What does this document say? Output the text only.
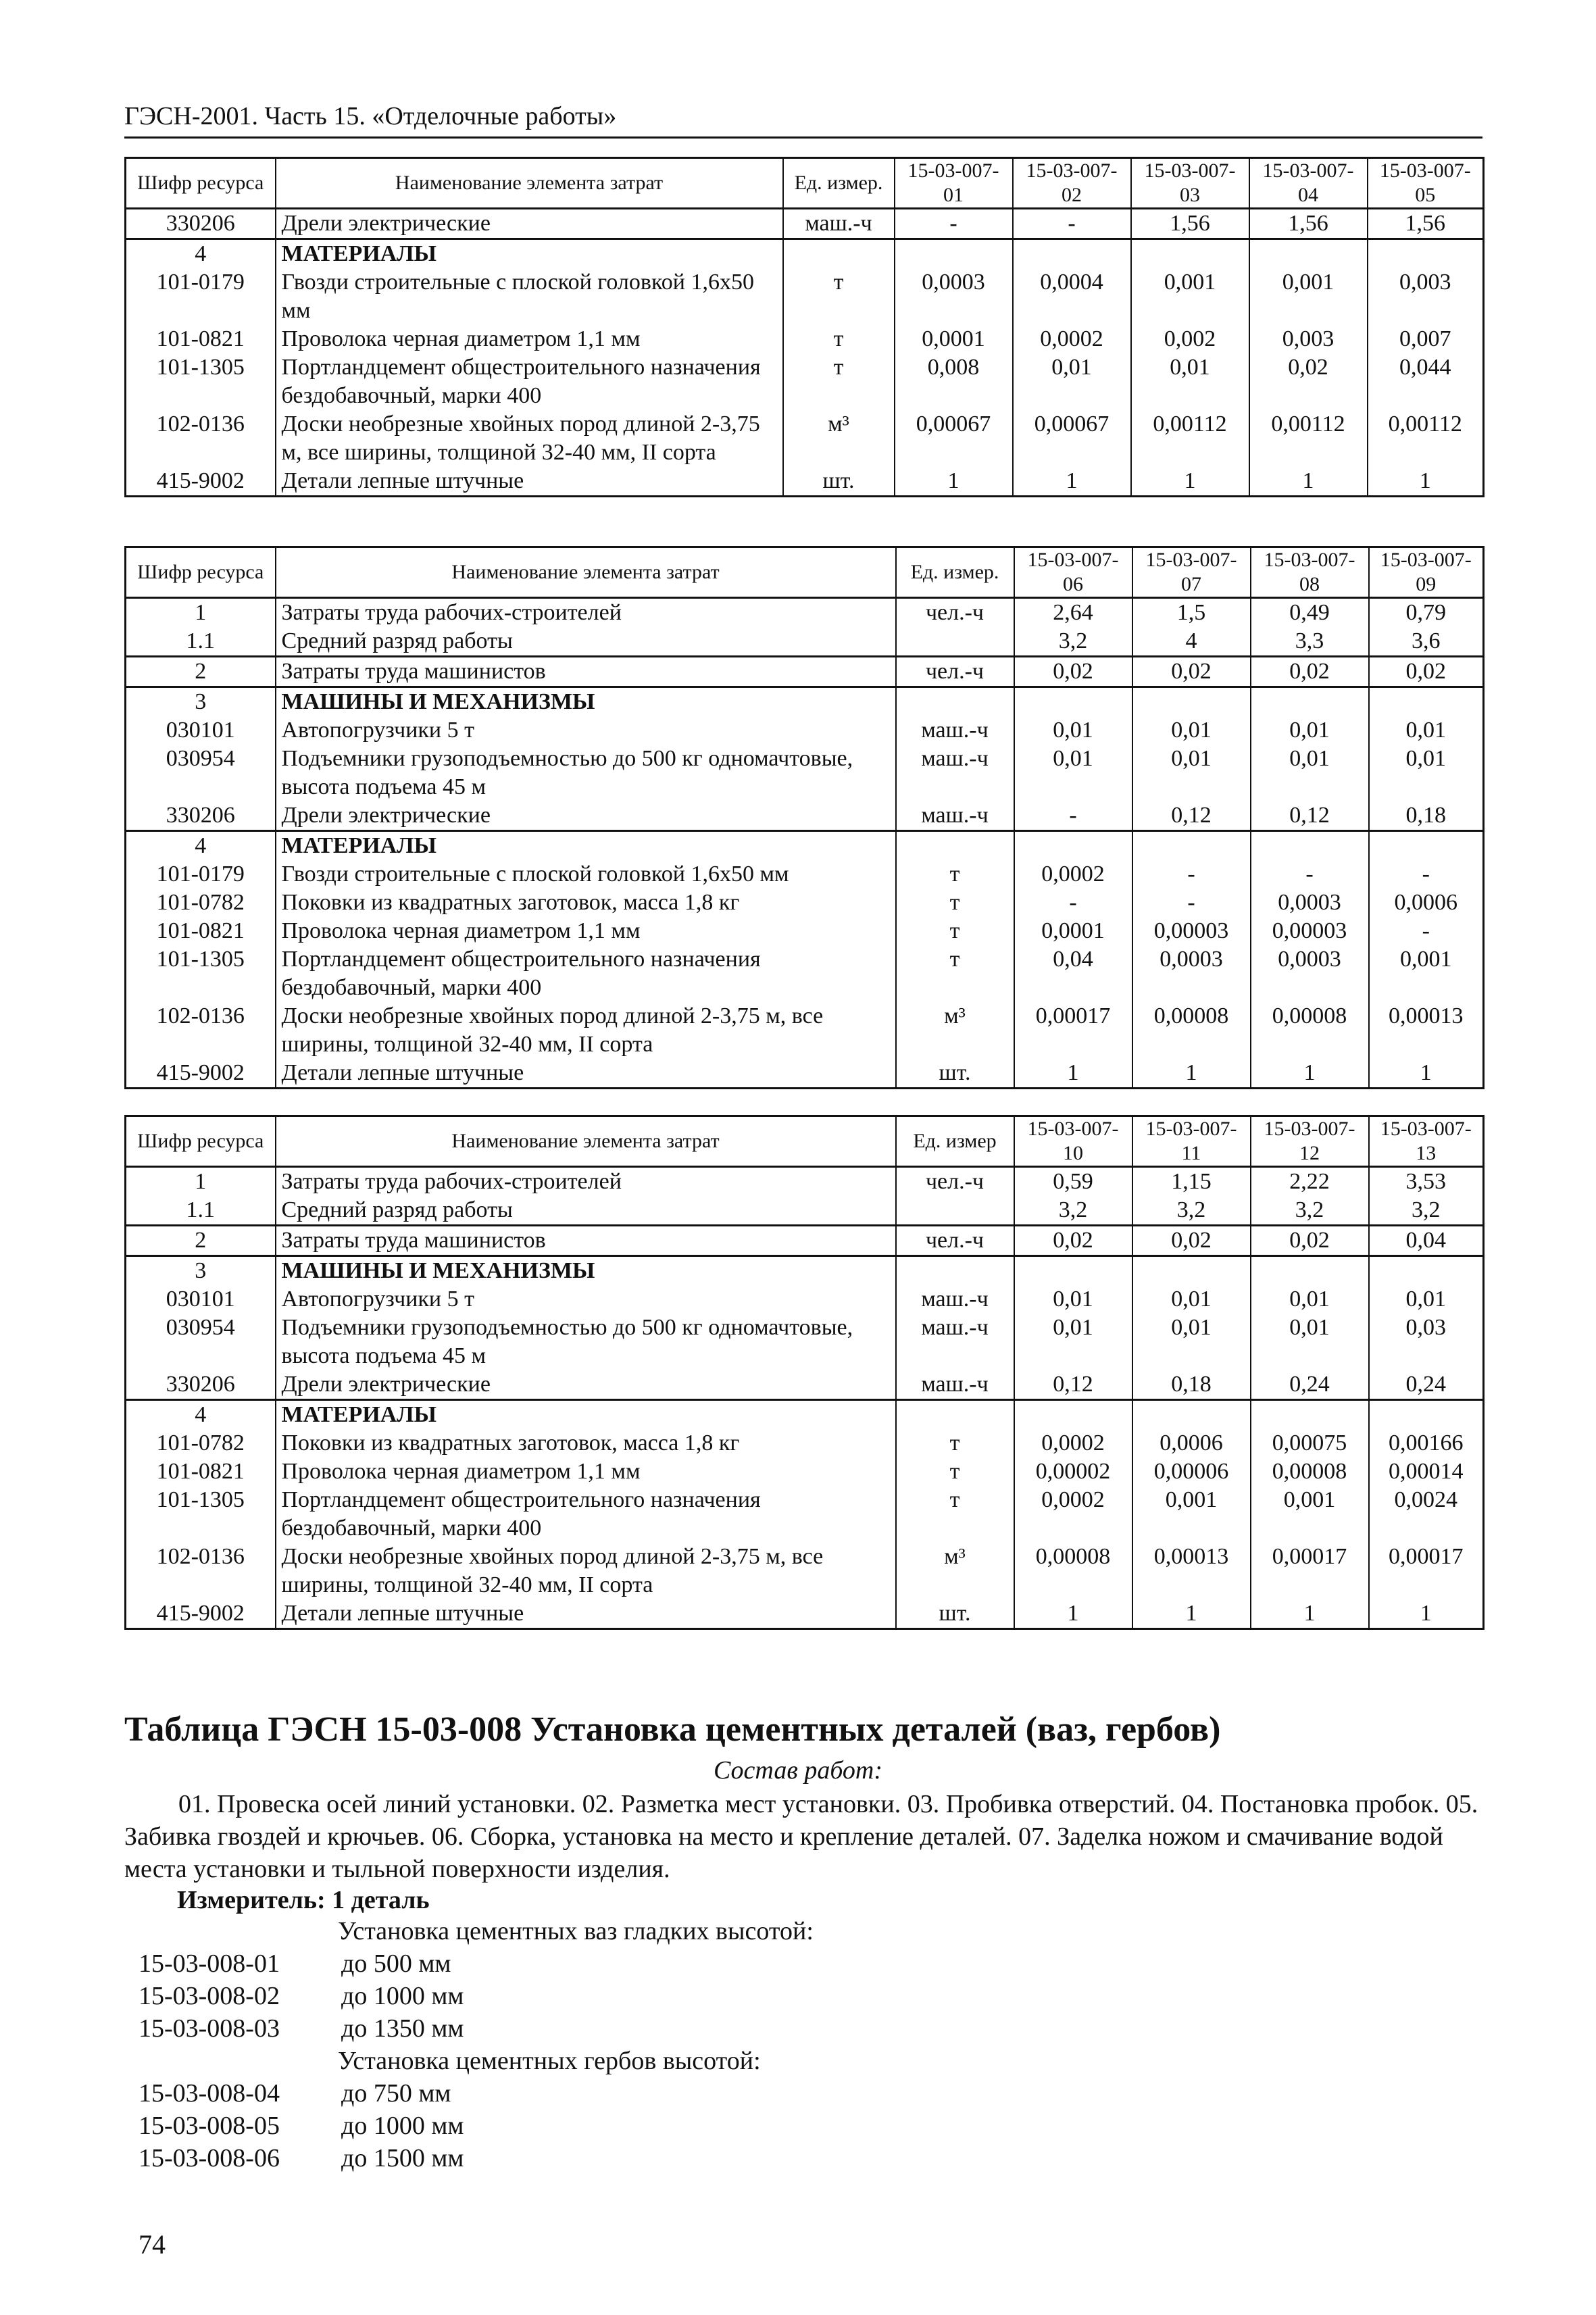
ГЭСН-2001. Часть 15. «Отделочные работы»
Шифр ресурса	Наименование элемента затрат	Ед. измер.	15-03-007-01	15-03-007-02	15-03-007-03	15-03-007-04	15-03-007-05
330206	Дрели электрические	маш.-ч	-	-	1,56	1,56	1,56
4	МАТЕРИАЛЫ						
101-0179	Гвозди строительные с плоской головкой 1,6х50 мм	т	0,0003	0,0004	0,001	0,001	0,003
101-0821	Проволока черная диаметром 1,1 мм	т	0,0001	0,0002	0,002	0,003	0,007
101-1305	Портландцемент общестроительного назначения бездобавочный, марки 400	т	0,008	0,01	0,01	0,02	0,044
102-0136	Доски необрезные хвойных пород длиной 2-3,75 м, все ширины, толщиной 32-40 мм, II сорта	м³	0,00067	0,00067	0,00112	0,00112	0,00112
415-9002	Детали лепные штучные	шт.	1	1	1	1	1
Шифр ресурса	Наименование элемента затрат	Ед. измер.	15-03-007-06	15-03-007-07	15-03-007-08	15-03-007-09
1	Затраты труда рабочих-строителей	чел.-ч	2,64	1,5	0,49	0,79
1.1	Средний разряд работы		3,2	4	3,3	3,6
2	Затраты труда машинистов	чел.-ч	0,02	0,02	0,02	0,02
3	МАШИНЫ И МЕХАНИЗМЫ					
030101	Автопогрузчики 5 т	маш.-ч	0,01	0,01	0,01	0,01
030954	Подъемники грузоподъемностью до 500 кг одномачтовые, высота подъема 45 м	маш.-ч	0,01	0,01	0,01	0,01
330206	Дрели электрические	маш.-ч	-	0,12	0,12	0,18
4	МАТЕРИАЛЫ					
101-0179	Гвозди строительные с плоской головкой 1,6х50 мм	т	0,0002	-	-	-
101-0782	Поковки из квадратных заготовок, масса 1,8 кг	т	-	-	0,0003	0,0006
101-0821	Проволока черная диаметром 1,1 мм	т	0,0001	0,00003	0,00003	-
101-1305	Портландцемент общестроительного назначения бездобавочный, марки 400	т	0,04	0,0003	0,0003	0,001
102-0136	Доски необрезные хвойных пород длиной 2-3,75 м, все ширины, толщиной 32-40 мм, II сорта	м³	0,00017	0,00008	0,00008	0,00013
415-9002	Детали лепные штучные	шт.	1	1	1	1
Шифр ресурса	Наименование элемента затрат	Ед. измер	15-03-007-10	15-03-007-11	15-03-007-12	15-03-007-13
1	Затраты труда рабочих-строителей	чел.-ч	0,59	1,15	2,22	3,53
1.1	Средний разряд работы		3,2	3,2	3,2	3,2
2	Затраты труда машинистов	чел.-ч	0,02	0,02	0,02	0,04
3	МАШИНЫ И МЕХАНИЗМЫ					
030101	Автопогрузчики 5 т	маш.-ч	0,01	0,01	0,01	0,01
030954	Подъемники грузоподъемностью до 500 кг одномачтовые, высота подъема 45 м	маш.-ч	0,01	0,01	0,01	0,03
330206	Дрели электрические	маш.-ч	0,12	0,18	0,24	0,24
4	МАТЕРИАЛЫ					
101-0782	Поковки из квадратных заготовок, масса 1,8 кг	т	0,0002	0,0006	0,00075	0,00166
101-0821	Проволока черная диаметром 1,1 мм	т	0,00002	0,00006	0,00008	0,00014
101-1305	Портландцемент общестроительного назначения бездобавочный, марки 400	т	0,0002	0,001	0,001	0,0024
102-0136	Доски необрезные хвойных пород длиной 2-3,75 м, все ширины, толщиной 32-40 мм, II сорта	м³	0,00008	0,00013	0,00017	0,00017
415-9002	Детали лепные штучные	шт.	1	1	1	1
Таблица ГЭСН 15-03-008 Установка цементных деталей (ваз, гербов)
Состав работ:
01. Провеска осей линий установки. 02. Разметка мест установки. 03. Пробивка отверстий. 04. Постановка пробок. 05. Забивка гвоздей и крючьев. 06. Сборка, установка на место и крепление деталей. 07. Заделка ножом и смачивание водой места установки и тыльной поверхности изделия.
Измеритель: 1 деталь
Установка цементных ваз гладких высотой:
15-03-008-01	до 500 мм
15-03-008-02	до 1000 мм
15-03-008-03	до 1350 мм
Установка цементных гербов высотой:
15-03-008-04	до 750 мм
15-03-008-05	до 1000 мм
15-03-008-06	до 1500 мм
74
